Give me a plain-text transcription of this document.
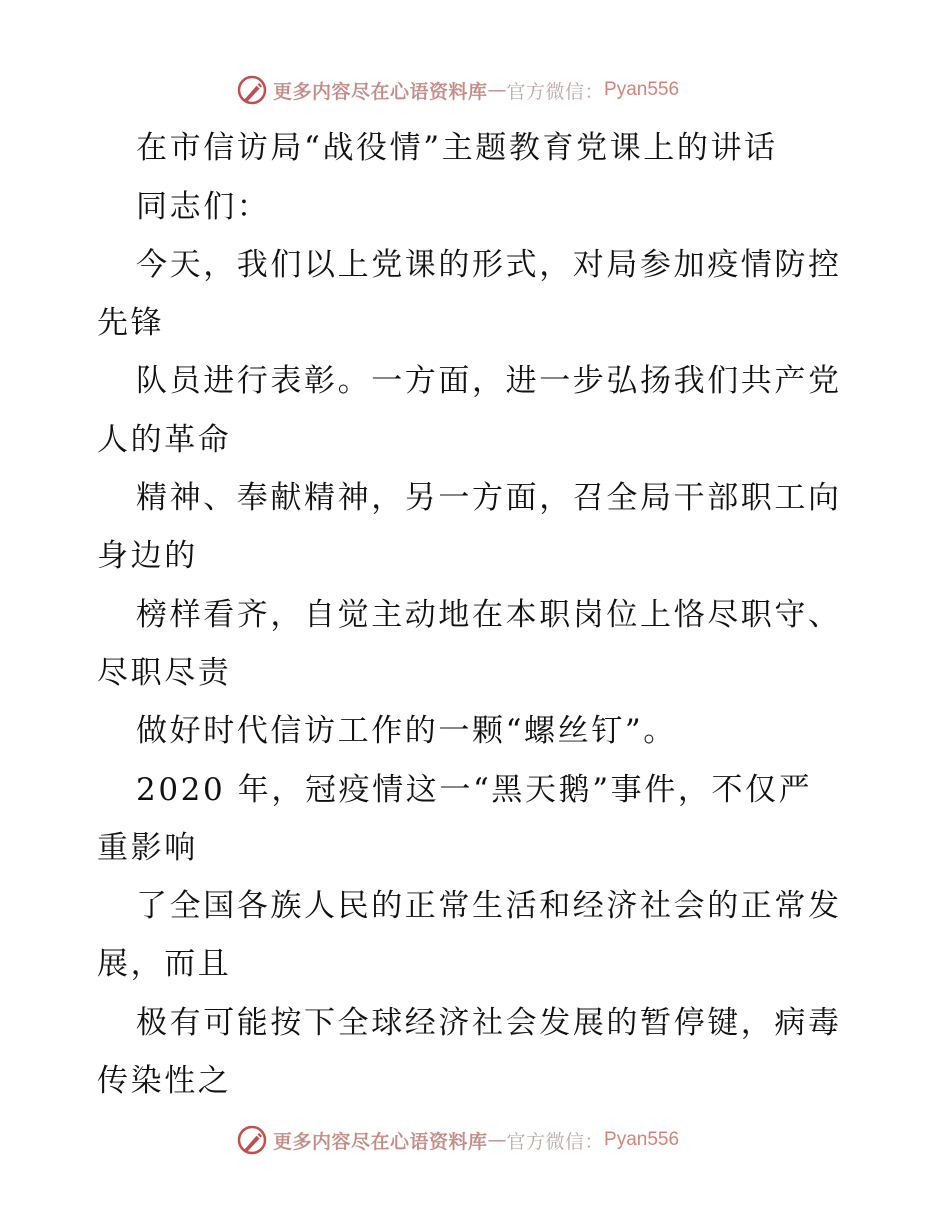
更多内容尽在心语资料库 — 官方微信： Pyan556
在市信访局“战役情”主题教育党课上的讲话
同志们：
今天，我们以上党课的形式，对局参加疫情防控
先锋
队员进行表彰。一方面，进一步弘扬我们共产党
人的革命
精神、奉献精神，另一方面，召全局干部职工向
身边的
榜样看齐，自觉主动地在本职岗位上恪尽职守、
尽职尽责
做好时代信访工作的一颗“螺丝钉”。
2020 年，冠疫情这一“黑天鹅”事件，不仅严
重影响
了全国各族人民的正常生活和经济社会的正常发
展，而且
极有可能按下全球经济社会发展的暂停键，病毒
传染性之
更多内容尽在心语资料库 — 官方微信： Pyan556
